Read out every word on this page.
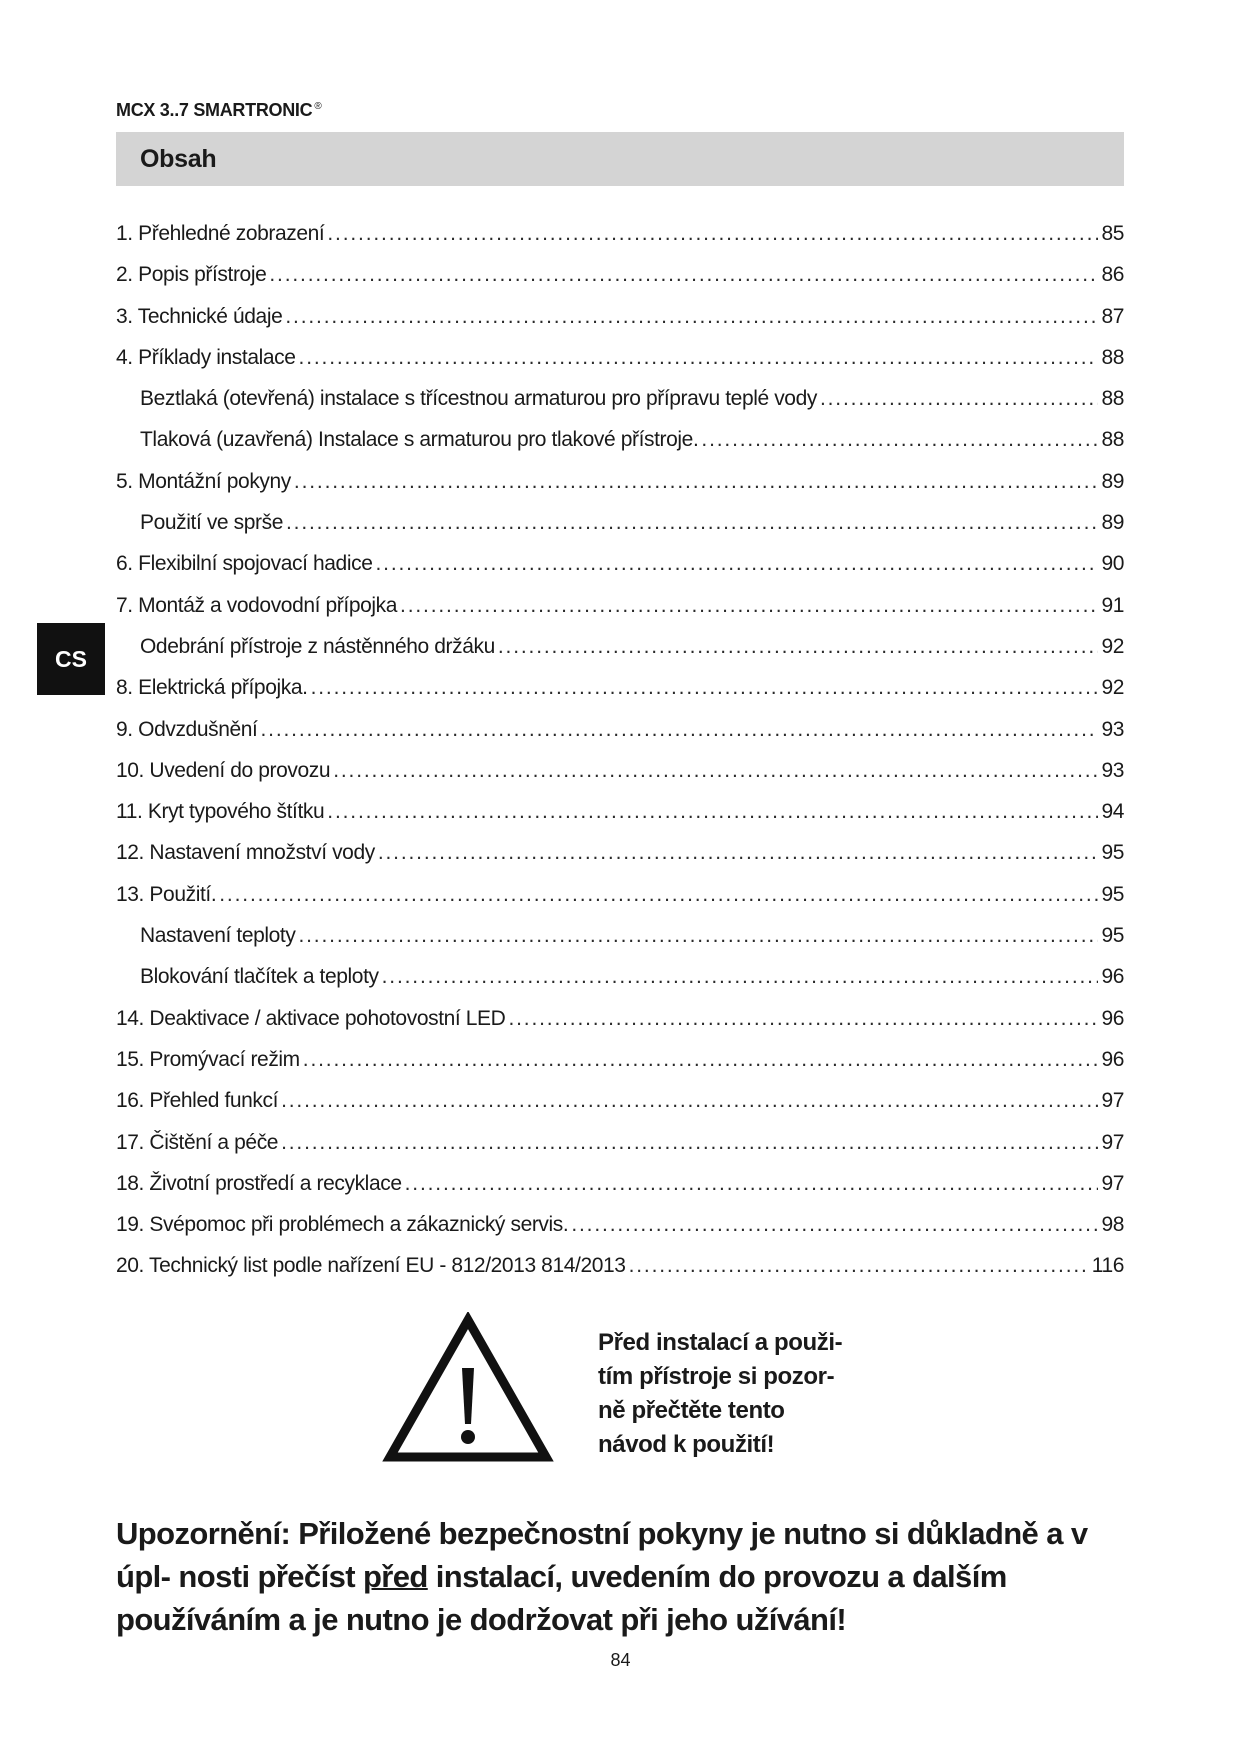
MCX 3..7 SMARTRONIC ®
Obsah
CS
1. Přehledné zobrazení . . .	85
2. Popis přístroje . . .	86
3. Technické údaje . . .	87
4. Příklady instalace . . .	88
Beztlaká (otevřená) instalace s třícestnou armaturou pro přípravu teplé vody . . .	88
Tlaková (uzavřená) Instalace s armaturou pro tlakové přístroje. . . .	88
5. Montážní pokyny . . .	89
Použití ve sprše . . .	89
6. Flexibilní spojovací hadice . . .	90
7. Montáž a vodovodní přípojka . . .	91
Odebrání přístroje z nástěnného držáku . . .	92
8. Elektrická přípojka. . . .	92
9. Odvzdušnění . . .	93
10. Uvedení do provozu . . .	93
11. Kryt typového štítku . . .	94
12. Nastavení množství vody . . .	95
13. Použití. . . .	95
Nastavení teploty . . .	95
Blokování tlačítek a teploty . . .	96
14. Deaktivace / aktivace pohotovostní LED . . .	96
15. Promývací režim . . .	96
16. Přehled funkcí . . .	97
17. Čištění a péče . . .	97
18. Životní prostředí a recyklace . . .	97
19. Svépomoc při problémech a zákaznický servis. . . .	98
20. Technický list podle nařízení EU - 812/2013 814/2013 . . .	116
Před instalací a použi-
tím přístroje si pozor-
ně přečtěte tento
návod k použití!
Upozornění: Přiložené bezpečnostní pokyny je nutno si důkladně a v úpl- nosti přečíst před instalací, uvedením do provozu a dalším používáním a je nutno je dodržovat při jeho užívání!
84
